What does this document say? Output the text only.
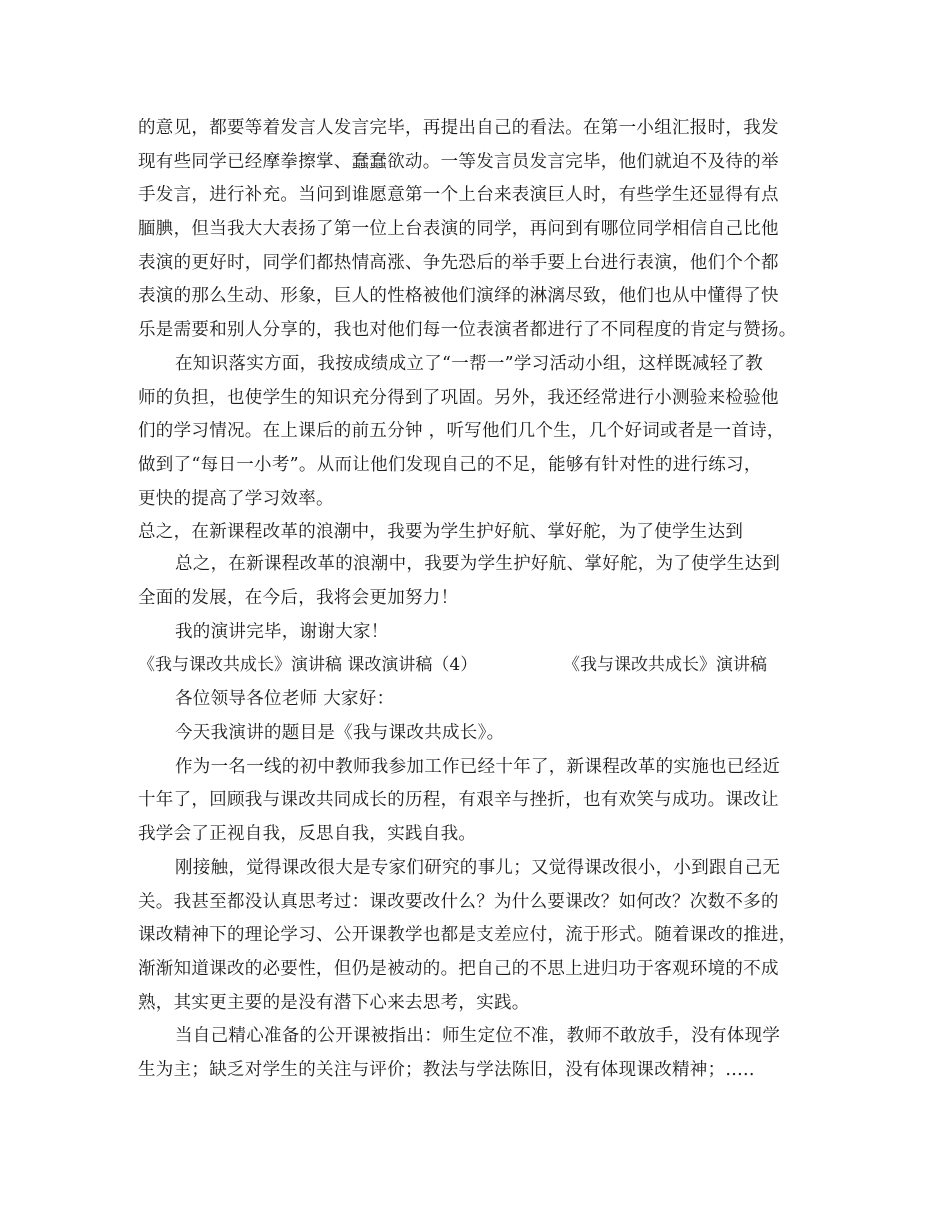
的意见，都要等着发言人发言完毕，再提出自己的看法。在第一小组汇报时，我发
现有些同学已经摩拳擦掌、蠢蠢欲动。一等发言员发言完毕，他们就迫不及待的举
手发言，进行补充。当问到谁愿意第一个上台来表演巨人时，有些学生还显得有点
腼腆，但当我大大表扬了第一位上台表演的同学，再问到有哪位同学相信自己比他
表演的更好时，同学们都热情高涨、争先恐后的举手要上台进行表演，他们个个都
表演的那么生动、形象，巨人的性格被他们演绎的淋漓尽致，他们也从中懂得了快
乐是需要和别人分享的，我也对他们每一位表演者都进行了不同程度的肯定与赞扬。
在知识落实方面，我按成绩成立了“一帮一”学习活动小组，这样既减轻了教
师的负担，也使学生的知识充分得到了巩固。另外，我还经常进行小测验来检验他
们的学习情况。在上课后的前五分钟 ，听写他们几个生，几个好词或者是一首诗，
做到了“每日一小考”。从而让他们发现自己的不足，能够有针对性的进行练习，
更快的提高了学习效率。
总之，在新课程改革的浪潮中，我要为学生护好航、掌好舵，为了使学生达到
总之，在新课程改革的浪潮中，我要为学生护好航、掌好舵，为了使学生达到
全面的发展，在今后，我将会更加努力！
我的演讲完毕，谢谢大家！
《我与课改共成长》演讲稿 课改演讲稿（4）	《我与课改共成长》演讲稿
各位领导各位老师 大家好：
今天我演讲的题目是《我与课改共成长》。
作为一名一线的初中教师我参加工作已经十年了，新课程改革的实施也已经近
十年了，回顾我与课改共同成长的历程，有艰辛与挫折，也有欢笑与成功。课改让
我学会了正视自我，反思自我，实践自我。
刚接触，觉得课改很大是专家们研究的事儿；又觉得课改很小，小到跟自己无
关。我甚至都没认真思考过：课改要改什么？为什么要课改？如何改？次数不多的
课改精神下的理论学习、公开课教学也都是支差应付，流于形式。随着课改的推进，
渐渐知道课改的必要性，但仍是被动的。把自己的不思上进归功于客观环境的不成
熟，其实更主要的是没有潜下心来去思考，实践。
当自己精心准备的公开课被指出：师生定位不准，教师不敢放手，没有体现学
生为主；缺乏对学生的关注与评价；教法与学法陈旧，没有体现课改精神；.....
